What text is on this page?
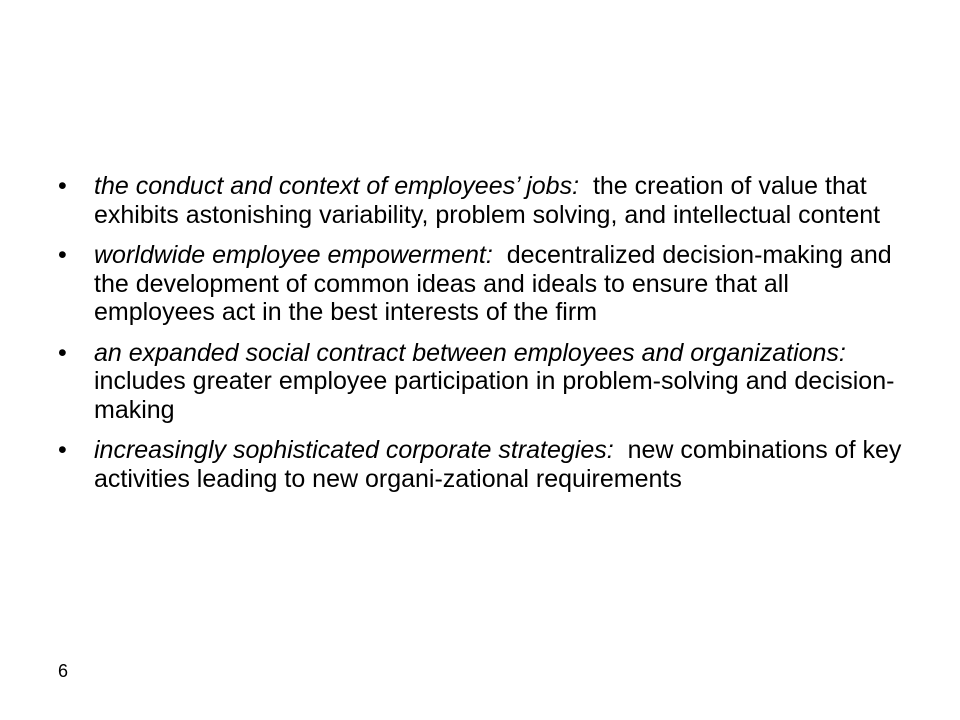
• the conduct and context of employees’ jobs:  the creation of value that exhibits astonishing variability, problem solving, and intellectual content
• worldwide employee empowerment:  decentralized decision-making and the development of common ideas and ideals to ensure that all employees act in the best interests of the firm
• an expanded social contract between employees and organizations:  includes greater employee participation in problem-solving and decision-making
• increasingly sophisticated corporate strategies:  new combinations of key activities leading to new organi-zational requirements
6
